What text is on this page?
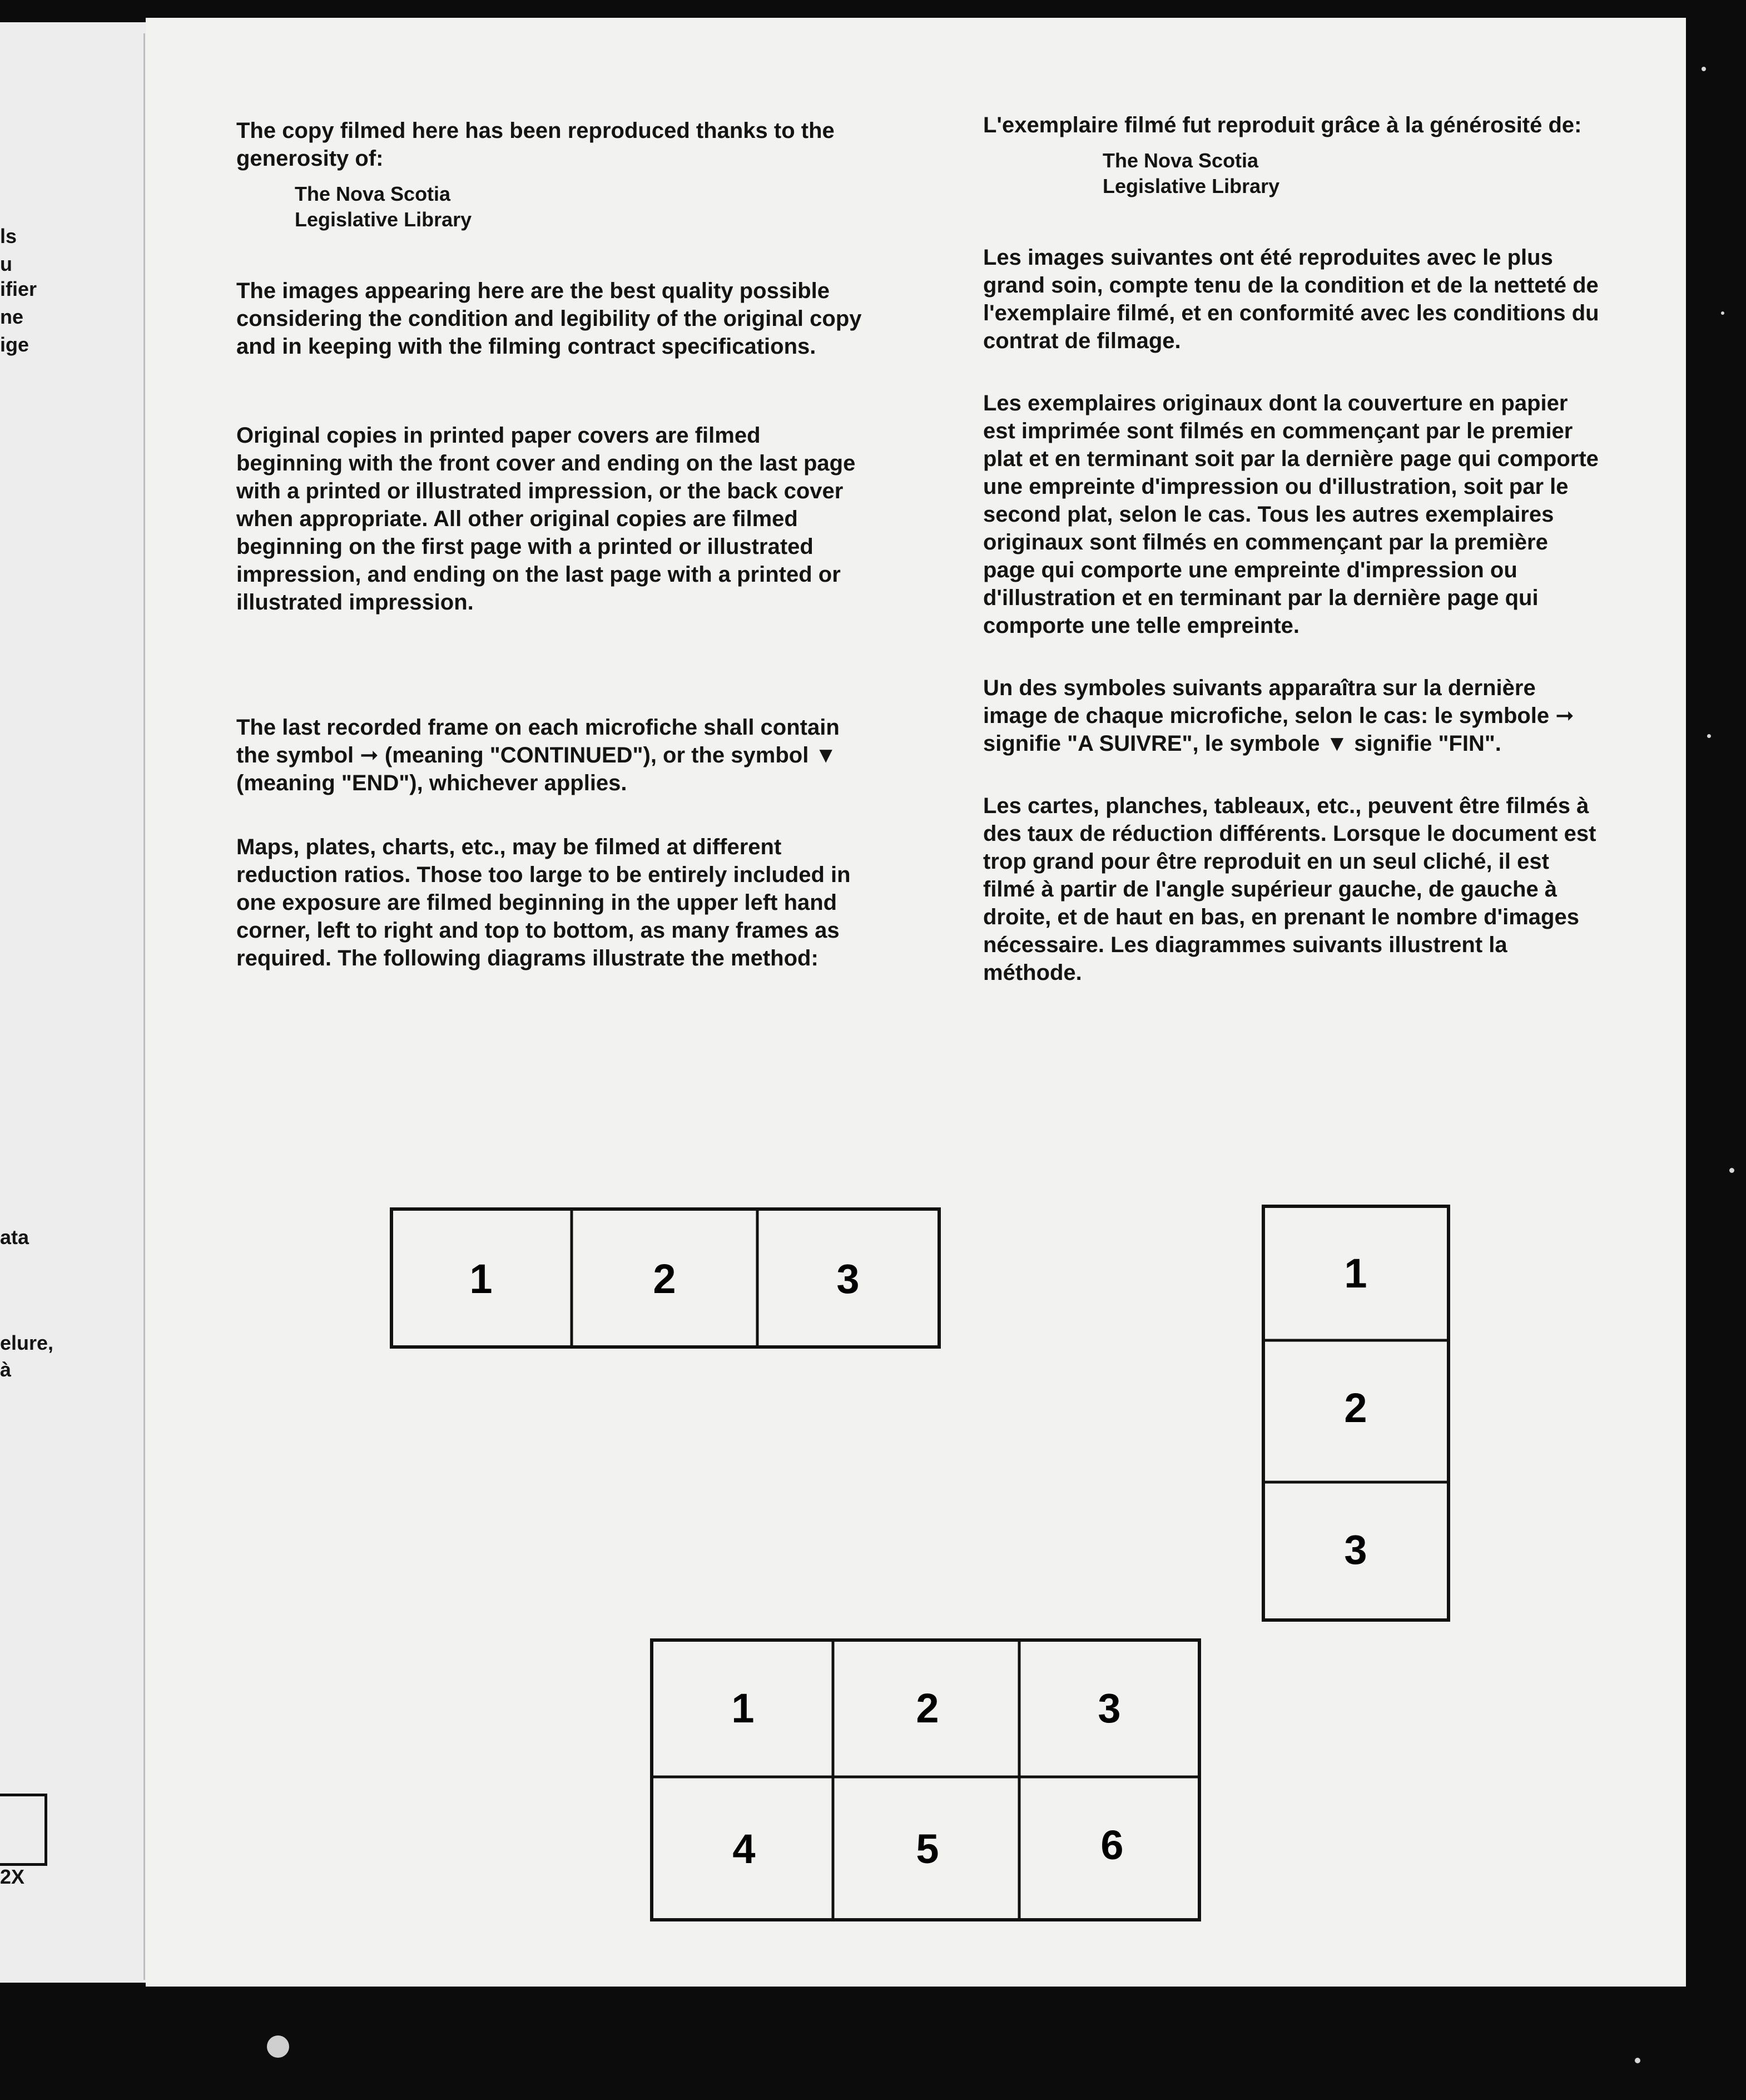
ls
u
ifier
ne
ige
ata
elure,
à
2X

The copy filmed here has been reproduced thanks to the generosity of:

The Nova Scotia
Legislative Library

The images appearing here are the best quality possible considering the condition and legibility of the original copy and in keeping with the filming contract specifications.

Original copies in printed paper covers are filmed beginning with the front cover and ending on the last page with a printed or illustrated impression, or the back cover when appropriate. All other original copies are filmed beginning on the first page with a printed or illustrated impression, and ending on the last page with a printed or illustrated impression.

The last recorded frame on each microfiche shall contain the symbol ➞ (meaning "CONTINUED"), or the symbol ▼ (meaning "END"), whichever applies.

Maps, plates, charts, etc., may be filmed at different reduction ratios. Those too large to be entirely included in one exposure are filmed beginning in the upper left hand corner, left to right and top to bottom, as many frames as required. The following diagrams illustrate the method:

L'exemplaire filmé fut reproduit grâce à la générosité de:

The Nova Scotia
Legislative Library

Les images suivantes ont été reproduites avec le plus grand soin, compte tenu de la condition et de la netteté de l'exemplaire filmé, et en conformité avec les conditions du contrat de filmage.

Les exemplaires originaux dont la couverture en papier est imprimée sont filmés en commençant par le premier plat et en terminant soit par la dernière page qui comporte une empreinte d'impression ou d'illustration, soit par le second plat, selon le cas. Tous les autres exemplaires originaux sont filmés en commençant par la première page qui comporte une empreinte d'impression ou d'illustration et en terminant par la dernière page qui comporte une telle empreinte.

Un des symboles suivants apparaîtra sur la dernière image de chaque microfiche, selon le cas: le symbole ➞ signifie "A SUIVRE", le symbole ▼ signifie "FIN".

Les cartes, planches, tableaux, etc., peuvent être filmés à des taux de réduction différents. Lorsque le document est trop grand pour être reproduit en un seul cliché, il est filmé à partir de l'angle supérieur gauche, de gauche à droite, et de haut en bas, en prenant le nombre d'images nécessaire. Les diagrammes suivants illustrent la méthode.

1	2	3	1
2
3
1	2	3
4	5	6
